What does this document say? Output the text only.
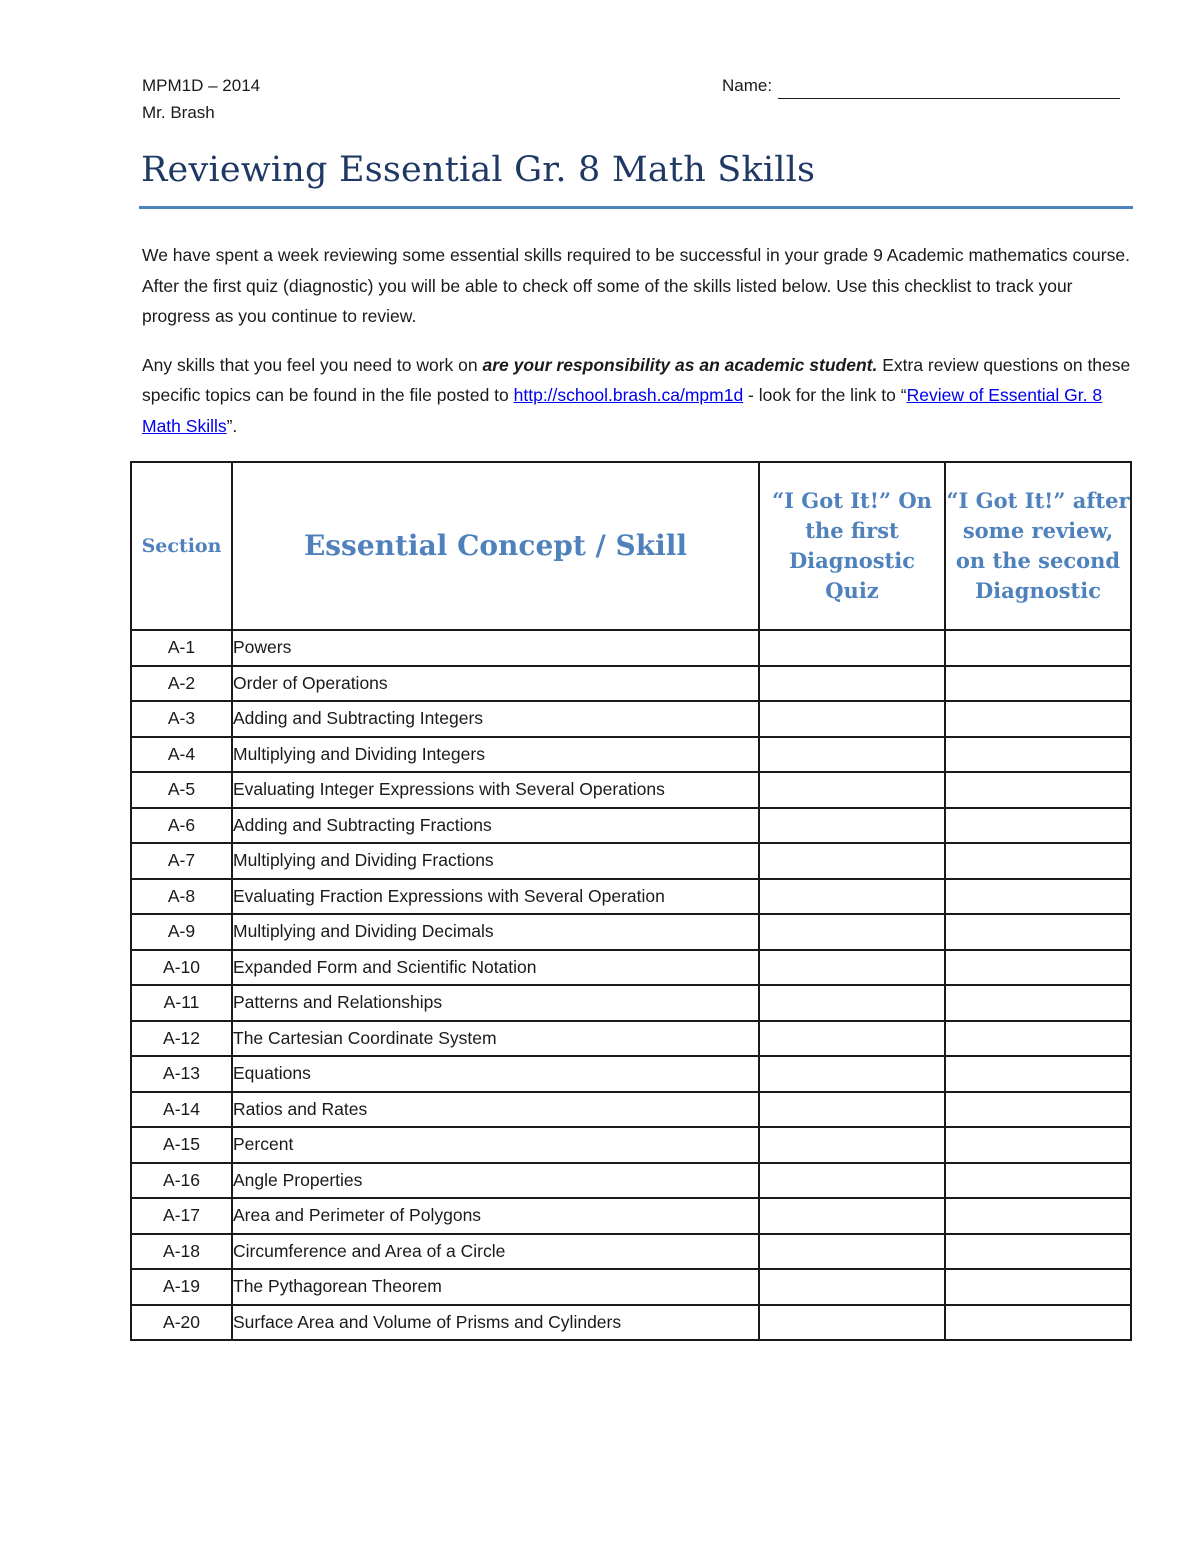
MPM1D – 2014
Mr. Brash
Name:
Reviewing Essential Gr. 8 Math Skills

We have spent a week reviewing some essential skills required to be successful in your grade 9 Academic mathematics course. After the first quiz (diagnostic) you will be able to check off some of the skills listed below. Use this checklist to track your progress as you continue to review.

Any skills that you feel you need to work on are your responsibility as an academic student. Extra review questions on these specific topics can be found in the file posted to http://school.brash.ca/mpm1d - look for the link to “Review of Essential Gr. 8 Math Skills”.

Section	Essential Concept / Skill	“I Got It!” On the first Diagnostic Quiz	“I Got It!” after some review, on the second Diagnostic
A-1	Powers		
A-2	Order of Operations		
A-3	Adding and Subtracting Integers		
A-4	Multiplying and Dividing Integers		
A-5	Evaluating Integer Expressions with Several Operations		
A-6	Adding and Subtracting Fractions		
A-7	Multiplying and Dividing Fractions		
A-8	Evaluating Fraction Expressions with Several Operation		
A-9	Multiplying and Dividing Decimals		
A-10	Expanded Form and Scientific Notation		
A-11	Patterns and Relationships		
A-12	The Cartesian Coordinate System		
A-13	Equations		
A-14	Ratios and Rates		
A-15	Percent		
A-16	Angle Properties		
A-17	Area and Perimeter of Polygons		
A-18	Circumference and Area of a Circle		
A-19	The Pythagorean Theorem		
A-20	Surface Area and Volume of Prisms and Cylinders		
